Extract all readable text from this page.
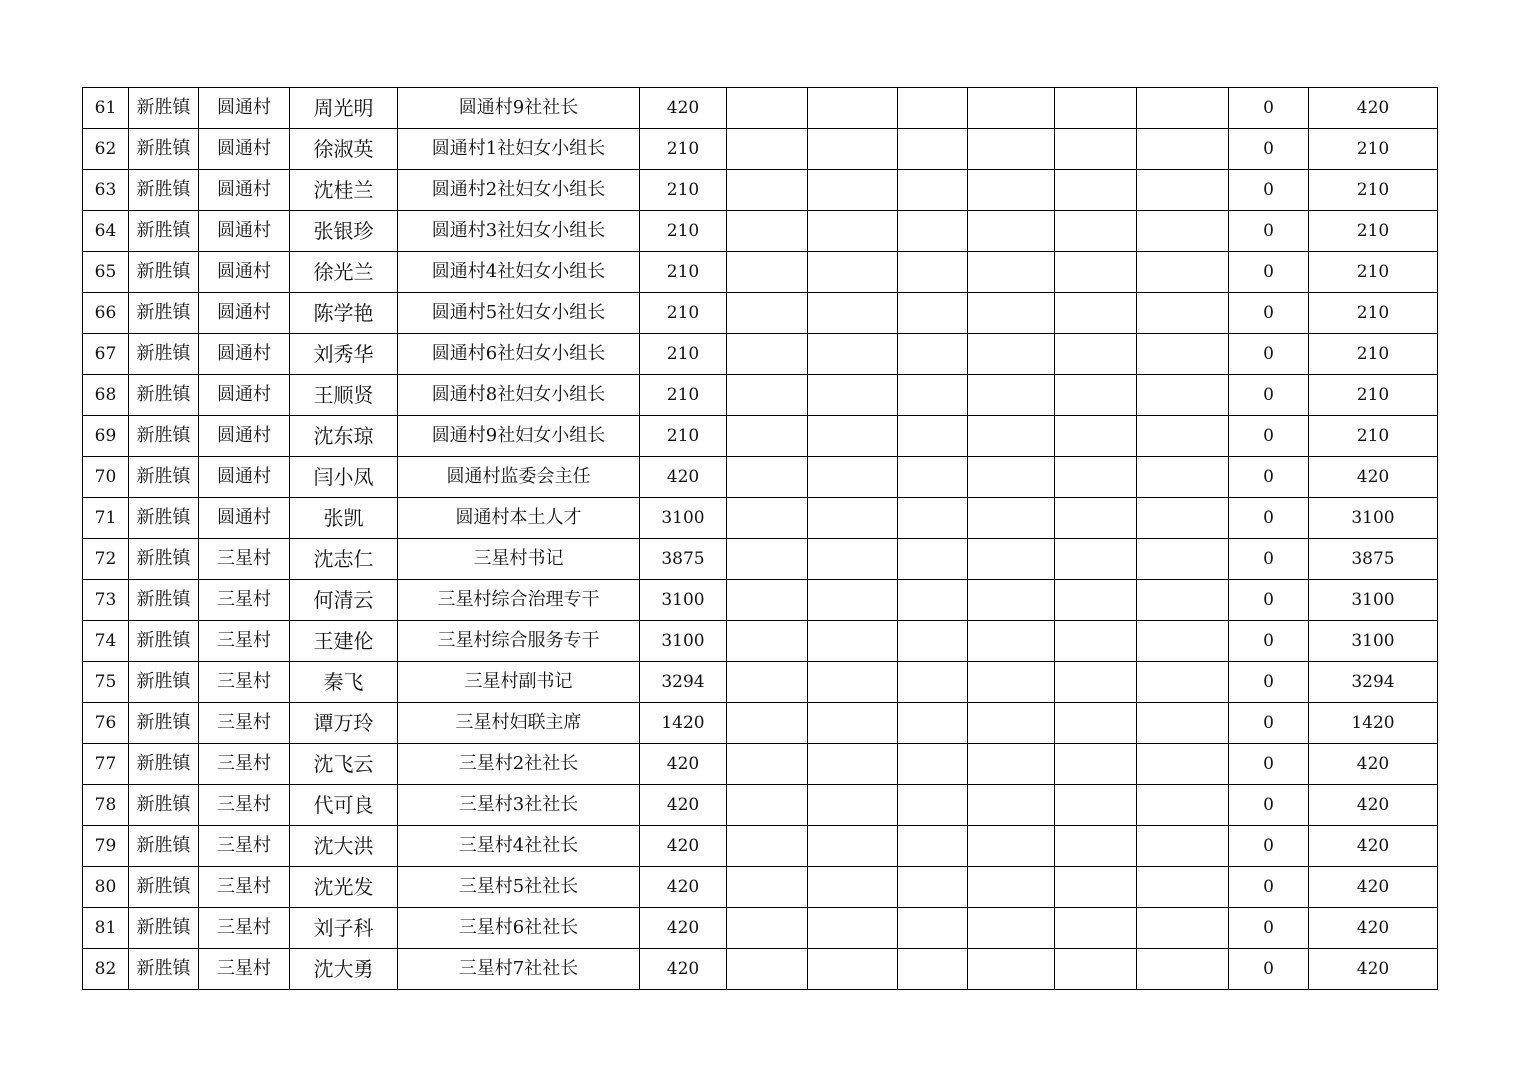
61	新胜镇	圆通村	周光明	圆通村9社社长	420							0	420
62	新胜镇	圆通村	徐淑英	圆通村1社妇女小组长	210							0	210
63	新胜镇	圆通村	沈桂兰	圆通村2社妇女小组长	210							0	210
64	新胜镇	圆通村	张银珍	圆通村3社妇女小组长	210							0	210
65	新胜镇	圆通村	徐光兰	圆通村4社妇女小组长	210							0	210
66	新胜镇	圆通村	陈学艳	圆通村5社妇女小组长	210							0	210
67	新胜镇	圆通村	刘秀华	圆通村6社妇女小组长	210							0	210
68	新胜镇	圆通村	王顺贤	圆通村8社妇女小组长	210							0	210
69	新胜镇	圆通村	沈东琼	圆通村9社妇女小组长	210							0	210
70	新胜镇	圆通村	闫小凤	圆通村监委会主任	420							0	420
71	新胜镇	圆通村	张凯	圆通村本土人才	3100							0	3100
72	新胜镇	三星村	沈志仁	三星村书记	3875							0	3875
73	新胜镇	三星村	何清云	三星村综合治理专干	3100							0	3100
74	新胜镇	三星村	王建伦	三星村综合服务专干	3100							0	3100
75	新胜镇	三星村	秦飞	三星村副书记	3294							0	3294
76	新胜镇	三星村	谭万玲	三星村妇联主席	1420							0	1420
77	新胜镇	三星村	沈飞云	三星村2社社长	420							0	420
78	新胜镇	三星村	代可良	三星村3社社长	420							0	420
79	新胜镇	三星村	沈大洪	三星村4社社长	420							0	420
80	新胜镇	三星村	沈光发	三星村5社社长	420							0	420
81	新胜镇	三星村	刘子科	三星村6社社长	420							0	420
82	新胜镇	三星村	沈大勇	三星村7社社长	420							0	420
